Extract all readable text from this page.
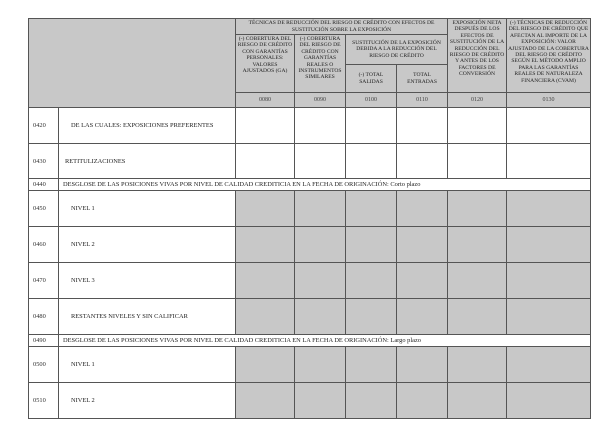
		TÉCNICAS DE REDUCCIÓN DEL RIESGO DE CRÉDITO CON EFECTOS DE SUSTITUCIÓN SOBRE LA EXPOSICIÓN				EXPOSICIÓN NETA DESPUÉS DE LOS EFECTOS DE SUSTITUCIÓN DE LA REDUCCIÓN DEL RIESGO DE CRÉDITO Y ANTES DE LOS FACTORES DE CONVERSIÓN	(-) TÉCNICAS DE REDUCCIÓN DEL RIESGO DE CRÉDITO QUE AFECTAN AL IMPORTE DE LA EXPOSICIÓN: VALOR AJUSTADO DE LA COBERTURA DEL RIESGO DE CRÉDITO SEGÚN EL MÉTODO AMPLIO PARA LAS GARANTÍAS REALES DE NATURALEZA FINANCIERA (CVAM)
		(-) COBERTURA DEL RIESGO DE CRÉDITO CON GARANTÍAS PERSONALES: VALORES AJUSTADOS (GA)	(-) COBERTURA DEL RIESGO DE CRÉDITO CON GARANTÍAS REALES O INSTRUMENTOS SIMILARES	SUSTITUCIÓN DE LA EXPOSICIÓN DEBIDA A LA REDUCCIÓN DEL RIESGO DE CRÉDITO			
				(-) TOTAL SALIDAS	TOTAL ENTRADAS		
		0080	0090	0100	0110	0120	0130
0420	DE LAS CUALES: EXPOSICIONES PREFERENTES						
0430	RETITULIZACIONES						
0440	DESGLOSE DE LAS POSICIONES VIVAS POR NIVEL DE CALIDAD CREDITICIA EN LA FECHA DE ORIGINACIÓN: Corto plazo						
0450	NIVEL 1						
0460	NIVEL 2						
0470	NIVEL 3						
0480	RESTANTES NIVELES Y SIN CALIFICAR						
0490	DESGLOSE DE LAS POSICIONES VIVAS POR NIVEL DE CALIDAD CREDITICIA EN LA FECHA DE ORIGINACIÓN: Largo plazo						
0500	NIVEL 1						
0510	NIVEL 2						
